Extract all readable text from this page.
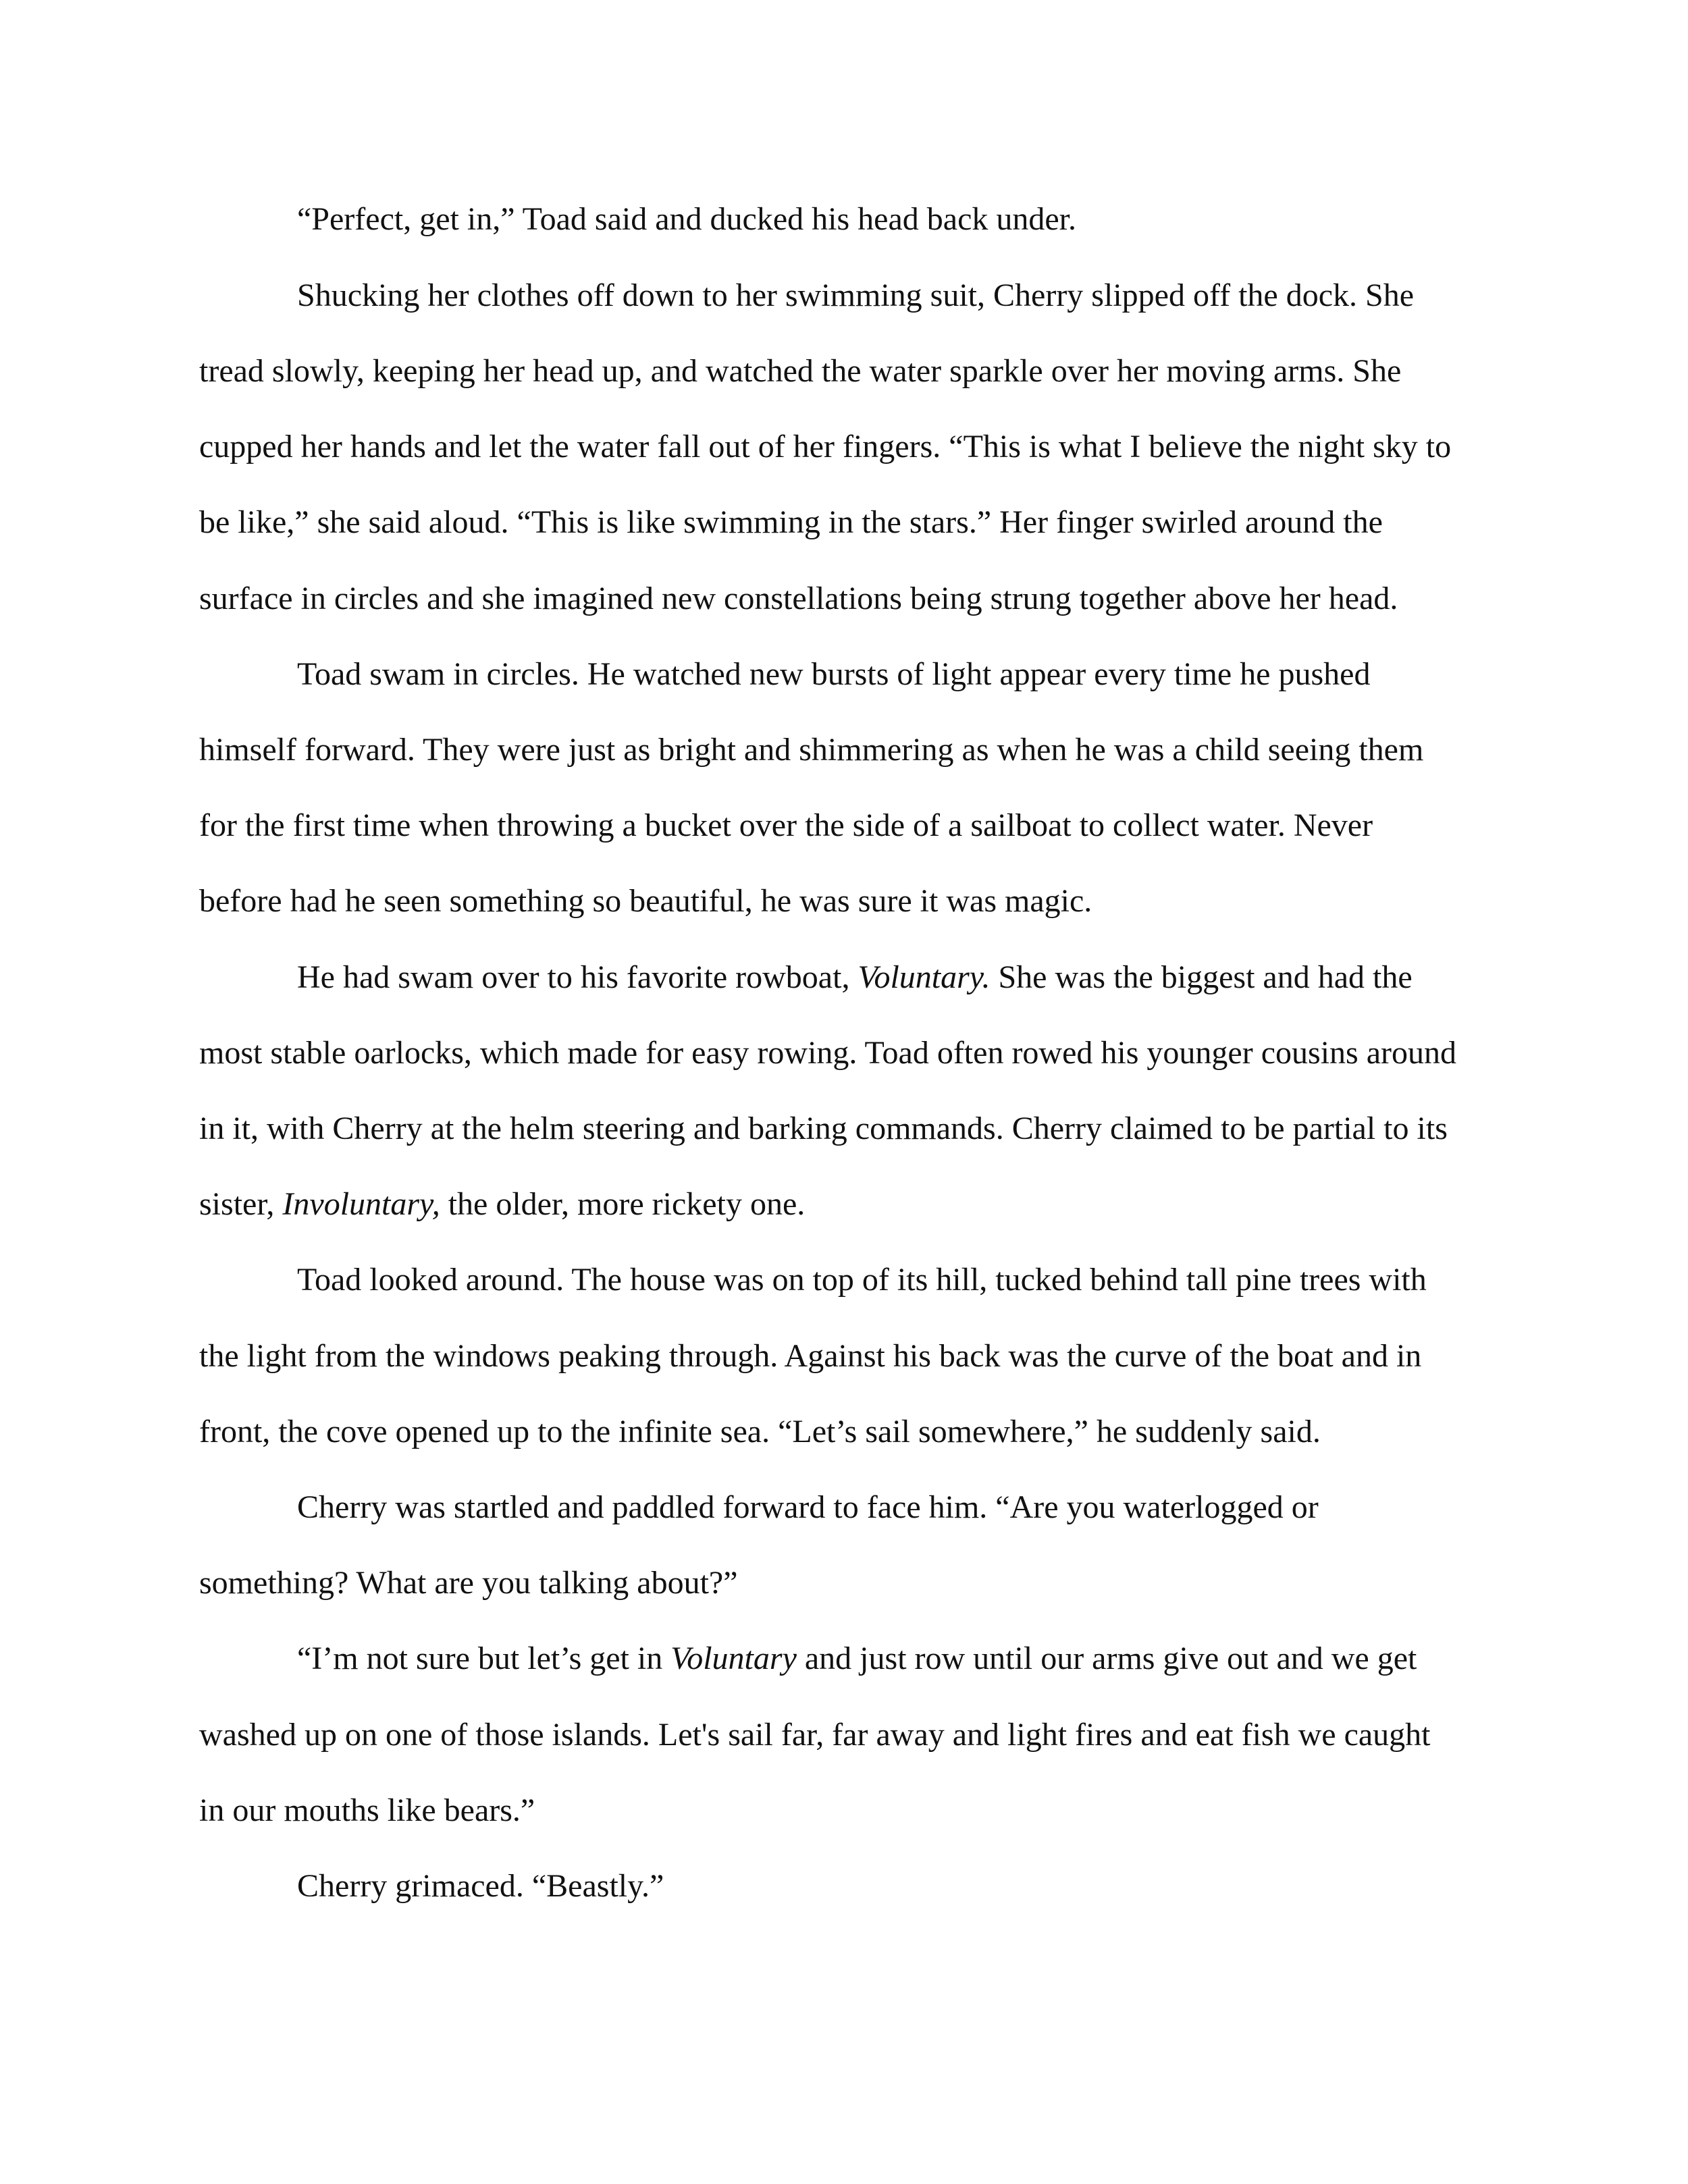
“Perfect, get in,” Toad said and ducked his head back under.
Shucking her clothes off down to her swimming suit, Cherry slipped off the dock. She
tread slowly, keeping her head up, and watched the water sparkle over her moving arms. She
cupped her hands and let the water fall out of her fingers. “This is what I believe the night sky to
be like,” she said aloud. “This is like swimming in the stars.” Her finger swirled around the
surface in circles and she imagined new constellations being strung together above her head.
Toad swam in circles. He watched new bursts of light appear every time he pushed
himself forward. They were just as bright and shimmering as when he was a child seeing them
for the first time when throwing a bucket over the side of a sailboat to collect water. Never
before had he seen something so beautiful, he was sure it was magic.
He had swam over to his favorite rowboat, Voluntary. She was the biggest and had the
most stable oarlocks, which made for easy rowing. Toad often rowed his younger cousins around
in it, with Cherry at the helm steering and barking commands. Cherry claimed to be partial to its
sister, Involuntary, the older, more rickety one.
Toad looked around. The house was on top of its hill, tucked behind tall pine trees with
the light from the windows peaking through. Against his back was the curve of the boat and in
front, the cove opened up to the infinite sea. “Let’s sail somewhere,” he suddenly said.
Cherry was startled and paddled forward to face him. “Are you waterlogged or
something? What are you talking about?”
“I’m not sure but let’s get in Voluntary and just row until our arms give out and we get
washed up on one of those islands. Let's sail far, far away and light fires and eat fish we caught
in our mouths like bears.”
Cherry grimaced. “Beastly.”
